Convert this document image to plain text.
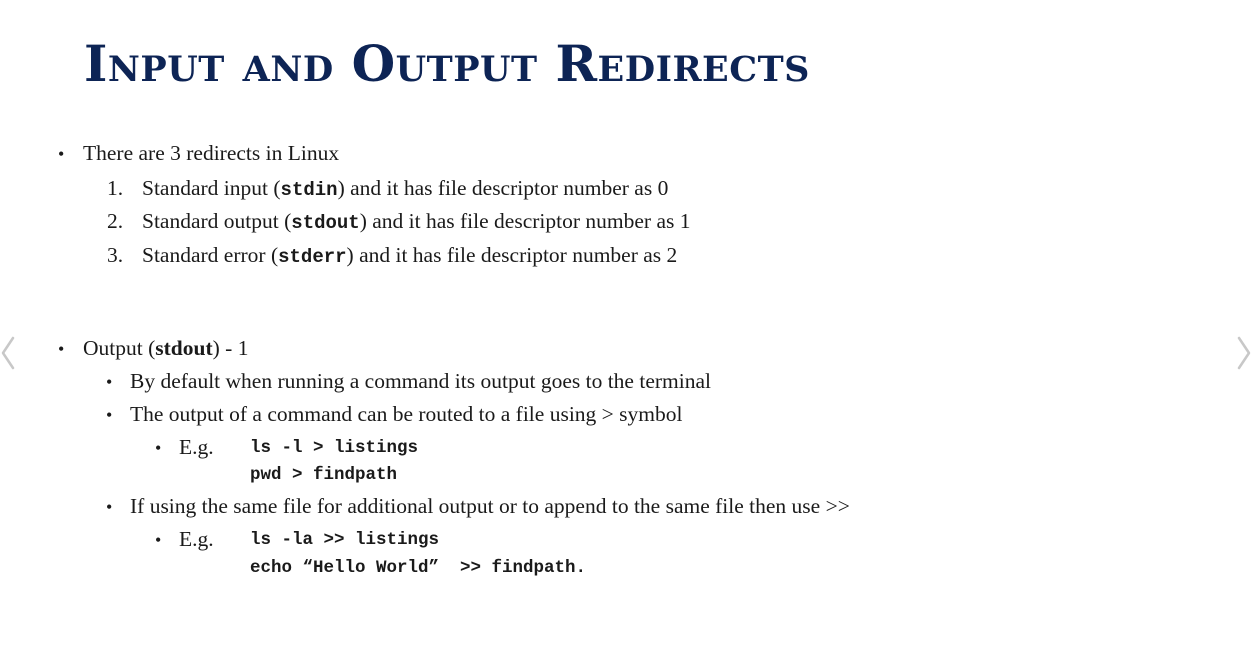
Input and Output Redirects
• There are 3 redirects in Linux
1. Standard input (stdin) and it has file descriptor number as 0
2. Standard output (stdout) and it has file descriptor number as 1
3. Standard error (stderr) and it has file descriptor number as 2
• Output (stdout) - 1
• By default when running a command its output goes to the terminal
• The output of a command can be routed to a file using > symbol
• E.g. ls -l > listings
pwd > findpath
• If using the same file for additional output or to append to the same file then use >>
• E.g. ls -la >> listings
echo “Hello World”  >> findpath.
